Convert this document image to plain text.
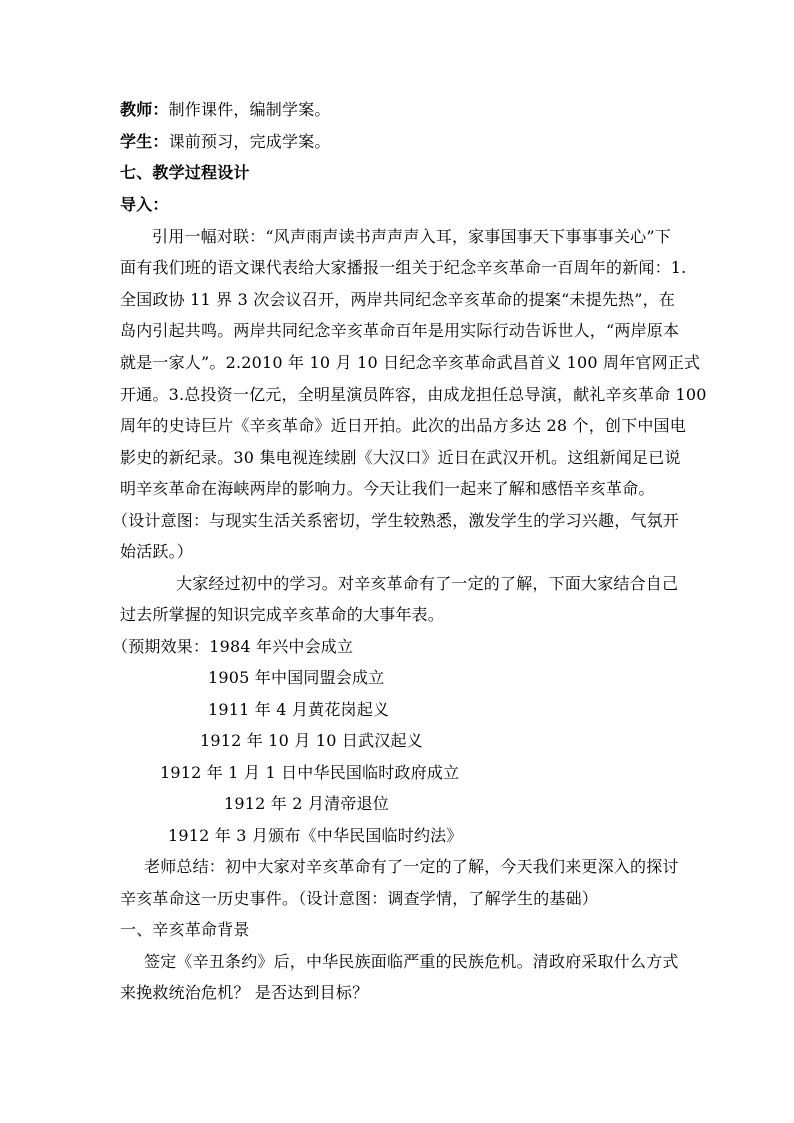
教师：制作课件，编制学案。
学生：课前预习，完成学案。
七、教学过程设计
导入：
引用一幅对联：“风声雨声读书声声声入耳，家事国事天下事事事关心”下
面有我们班的语文课代表给大家播报一组关于纪念辛亥革命一百周年的新闻：1.
全国政协 11 界 3 次会议召开，两岸共同纪念辛亥革命的提案“未提先热”，在
岛内引起共鸣。两岸共同纪念辛亥革命百年是用实际行动告诉世人，“两岸原本
就是一家人”。2.2010 年 10 月 10 日纪念辛亥革命武昌首义 100 周年官网正式
开通。3.总投资一亿元，全明星演员阵容，由成龙担任总导演，献礼辛亥革命 100
周年的史诗巨片《辛亥革命》近日开拍。此次的出品方多达 28 个，创下中国电
影史的新纪录。30 集电视连续剧《大汉口》近日在武汉开机。这组新闻足已说
明辛亥革命在海峡两岸的影响力。今天让我们一起来了解和感悟辛亥革命。
（设计意图：与现实生活关系密切，学生较熟悉，激发学生的学习兴趣，气氛开
始活跃。）
大家经过初中的学习。对辛亥革命有了一定的了解，下面大家结合自己
过去所掌握的知识完成辛亥革命的大事年表。
（预期效果：1984 年兴中会成立
1905 年中国同盟会成立
1911 年 4 月黄花岗起义
1912 年 10 月 10 日武汉起义
1912 年 1 月 1 日中华民国临时政府成立
1912 年 2 月清帝退位
1912 年 3 月颁布《中华民国临时约法》
老师总结：初中大家对辛亥革命有了一定的了解，今天我们来更深入的探讨
辛亥革命这一历史事件。（设计意图：调查学情，了解学生的基础）
一、辛亥革命背景
签定《辛丑条约》后，中华民族面临严重的民族危机。清政府采取什么方式
来挽救统治危机？ 是否达到目标？
